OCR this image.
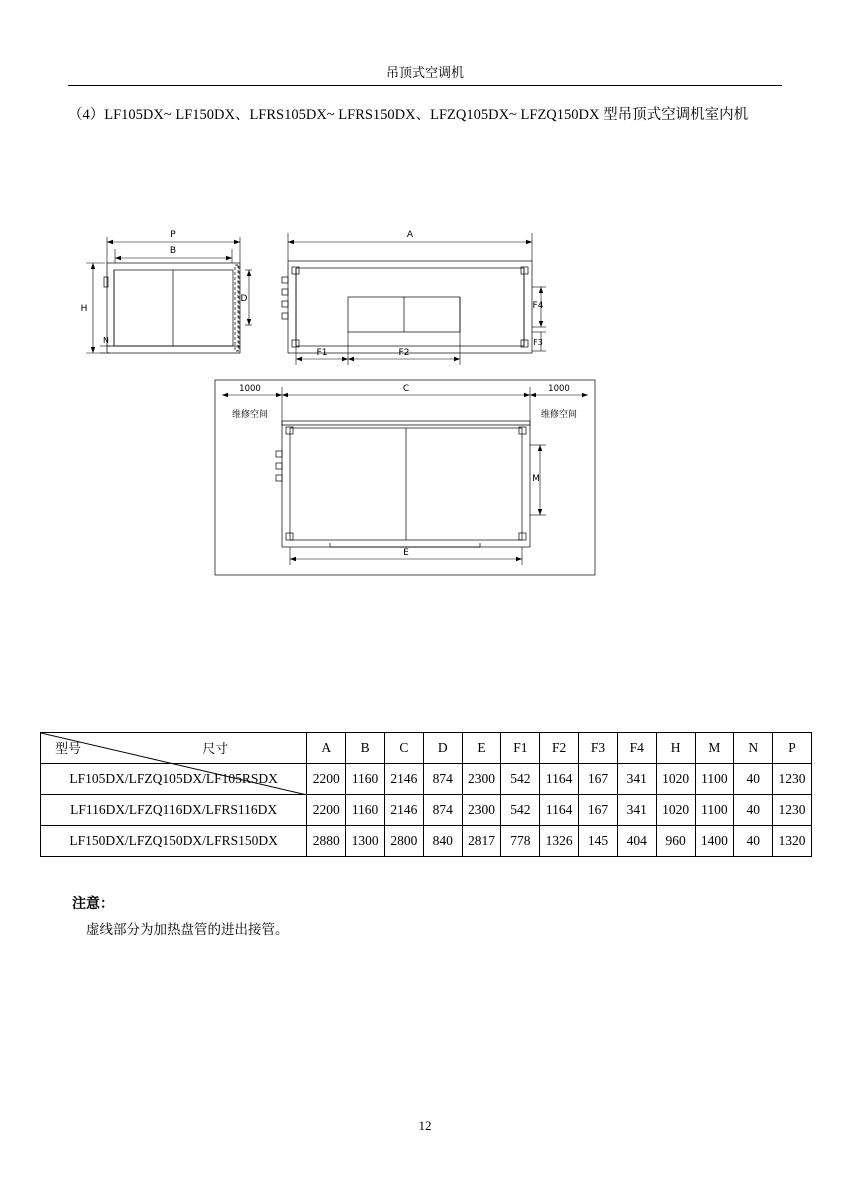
吊顶式空调机
（4）LF105DX~ LF150DX、LFRS105DX~ LFRS150DX、LFZQ105DX~ LFZQ150DX 型吊顶式空调机室内机
P
B
H
N
D
A
F1	F2
F4
F3
1000
维修空间
1000
维修空间
C
M
E
尺寸
型号	A	B	C	D	E	F1	F2	F3	F4	H	M	N	P
LF105DX/LFZQ105DX/LF105RSDX	2200	1160	2146	874	2300	542	1164	167	341	1020	1100	40	1230
LF116DX/LFZQ116DX/LFRS116DX	2200	1160	2146	874	2300	542	1164	167	341	1020	1100	40	1230
LF150DX/LFZQ150DX/LFRS150DX	2880	1300	2800	840	2817	778	1326	145	404	960	1400	40	1320
注意：
虚线部分为加热盘管的进出接管。
12
